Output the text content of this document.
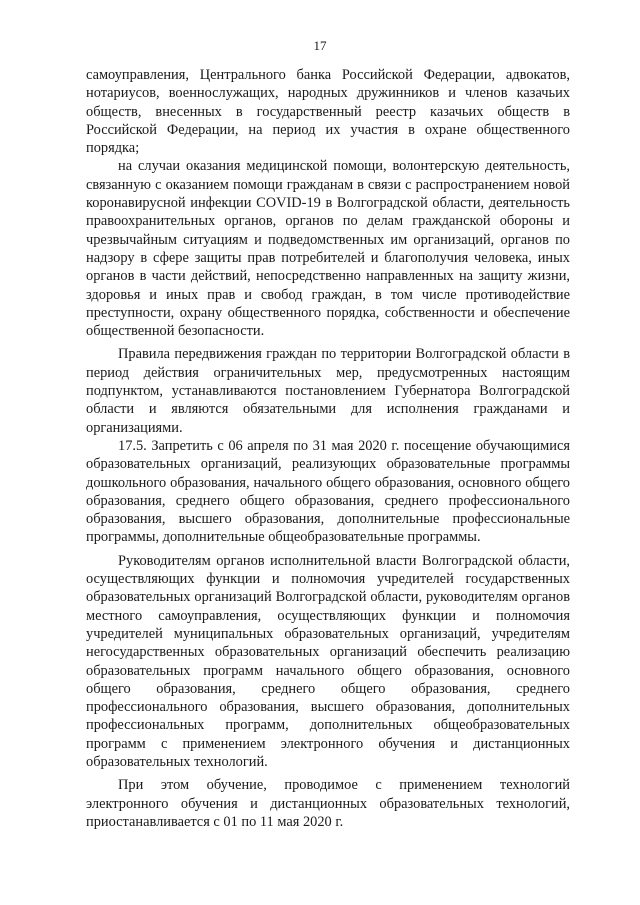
17

самоуправления, Центрального банка Российской Федерации, адвокатов, нотариусов, военнослужащих, народных дружинников и членов казачьих обществ, внесенных в государственный реестр казачьих обществ в Российской Федерации, на период их участия в охране общественного порядка;

на случаи оказания медицинской помощи, волонтерскую деятельность, связанную с оказанием помощи гражданам в связи с распространением новой коронавирусной инфекции COVID-19 в Волгоградской области, деятельность правоохранительных органов, органов по делам гражданской обороны и чрезвычайным ситуациям и подведомственных им организаций, органов по надзору в сфере защиты прав потребителей и благополучия человека, иных органов в части действий, непосредственно направленных на защиту жизни, здоровья и иных прав и свобод граждан, в том числе противодействие преступности, охрану общественного порядка, собственности и обеспечение общественной безопасности.

Правила передвижения граждан по территории Волгоградской области в период действия ограничительных мер, предусмотренных настоящим подпунктом, устанавливаются постановлением Губернатора Волгоградской области и являются обязательными для исполнения гражданами и организациями.

17.5. Запретить с 06 апреля по 31 мая 2020 г. посещение обучающимися образовательных организаций, реализующих образовательные программы дошкольного образования, начального общего образования, основного общего образования, среднего общего образования, среднего профессионального образования, высшего образования, дополнительные профессиональные программы, дополнительные общеобразовательные программы.

Руководителям органов исполнительной власти Волгоградской области, осуществляющих функции и полномочия учредителей государственных образовательных организаций Волгоградской области, руководителям органов местного самоуправления, осуществляющих функции и полномочия учредителей муниципальных образовательных организаций, учредителям негосударственных образовательных организаций обеспечить реализацию образовательных программ начального общего образования, основного общего образования, среднего общего образования, среднего профессионального образования, высшего образования, дополнительных профессиональных программ, дополнительных общеобразовательных программ с применением электронного обучения и дистанционных образовательных технологий.

При этом обучение, проводимое с применением технологий электронного обучения и дистанционных образовательных технологий, приостанавливается с 01 по 11 мая 2020 г.
